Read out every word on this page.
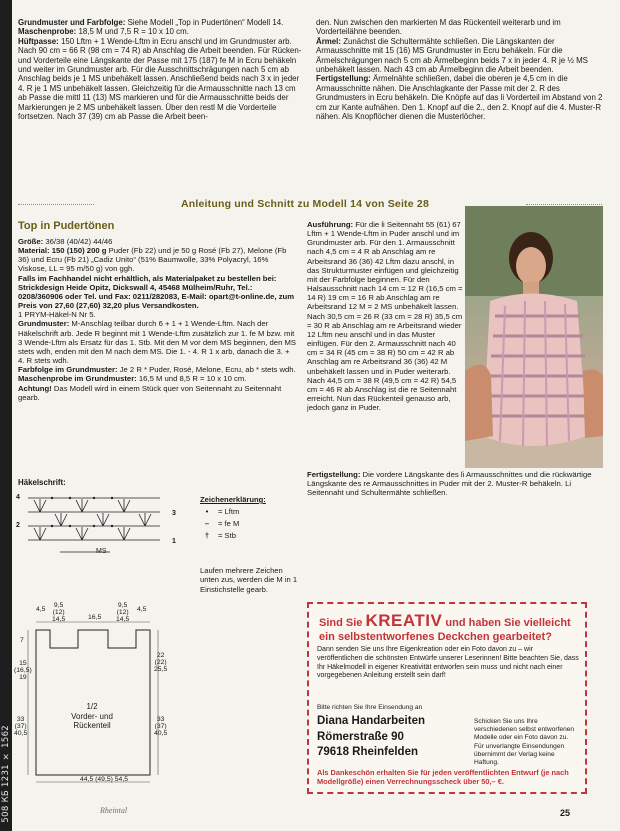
508 КБ 1231 × 1562

Grundmuster und Farbfolge: Siehe Modell „Top in Pudertönen“ Modell 14.

Maschenprobe: 18,5 M und 7,5 R = 10 x 10 cm.

Hüftpasse: 150 Lftm + 1 Wende-Lftm in Ecru anschl und im Grundmuster arb. Nach 90 cm = 66 R (98 cm = 74 R) ab Anschlag die Arbeit beenden. Für Rücken- und Vorderteile eine Längskante der Passe mit 175 (187) fe M in Ecru behäkeln und weiter im Grundmuster arb. Für die Ausschnittschrägungen nach 5 cm ab Anschlag beids je 1 MS unbehäkelt lassen. Anschließend beids nach 3 x in jeder 4. R je 1 MS unbehäkelt lassen. Gleichzeitig für die Armausschnitte nach 13 cm ab Passe die mittl 11 (13) MS markieren und für die Armausschnitte beids der Markierungen je 2 MS unbehäkelt lassen. Über den restl M die Vorderteile fortsetzen. Nach 37 (39) cm ab Passe die Arbeit been-

den. Nun zwischen den markierten M das Rückenteil weiterarb und im Vorderteilähne beenden.

Ärmel: Zunächst die Schultermähte schließen. Die Längskanten der Armausschnitte mit 15 (16) MS Grundmuster in Ecru behäkeln. Für die Ärmelschrägungen nach 5 cm ab Ärmelbeginn beids 7 x in jeder 4. R je ½ MS unbehäkelt lassen. Nach 43 cm ab Ärmelbeginn die Arbeit beenden.

Fertigstellung: Ärmelnähte schließen, dabei die oberen je 4,5 cm in die Armausschnitte nähen. Die Anschlagkante der Passe mit der 2. R des Grundmusters in Ecru behäkeln. Die Knöpfe auf das li Vorderteil im Abstand von 2 cm zur Kante aufnähen. Den 1. Knopf auf die 2., den 2. Knopf auf die 4. Muster-R nähen. Als Knopflöcher dienen die Musterlöcher.

Anleitung und Schnitt zu Modell 14 von Seite 28
Top in Pudertönen

Größe: 36/38 (40/42) 44/46

Material: 150 (150) 200 g Puder (Fb 22) und je 50 g Rosé (Fb 27), Melone (Fb 36) und Ecru (Fb 21) „Cadiz Unito“ (51% Baumwolle, 33% Polyacryl, 16% Viskose, LL = 95 m/50 g) von ggh.

Falls im Fachhandel nicht erhältlich, als Materialpaket zu bestellen bei: Strickdesign Heide Opitz, Dickswall 4, 45468 Mülheim/Ruhr, Tel.: 0208/360906 oder Tel. und Fax: 0211/282083, E-Mail: opart@t-online.de, zum Preis von 27,60 (27,60) 32,20 plus Versandkosten.

1 PRYM-Häkel-N Nr 5.

Grundmuster: M-Anschlag teilbar durch 6 + 1 + 1 Wende-Lftm. Nach der Häkelschrift arb. Jede R beginnt mit 1 Wende-Lftm zusätzlich zur 1. fe M bzw. mit 3 Wende-Lftm als Ersatz für das 1. Stb. Mit den M vor dem MS beginnen, den MS stets wdh, enden mit den M nach dem MS. Die 1. - 4. R 1 x arb, danach die 3. + 4. R stets wdh.

Farbfolge im Grundmuster: Je 2 R * Puder, Rosé, Melone, Ecru, ab * stets wdh.

Maschenprobe im Grundmuster: 16,5 M und 8,5 R = 10 x 10 cm.

Achtung! Das Modell wird in einem Stück quer von Seitennaht zu Seitennaht gearb.

Ausführung: Für die li Seitennaht 55 (61) 67 Lftm + 1 Wende-Lftm in Puder anschl und im Grundmuster arb. Für den 1. Armausschnitt nach 4,5 cm = 4 R ab Anschlag am re Arbeitsrand 36 (36) 42 Lftm dazu anschl, in das Strukturmuster einfügen und gleichzeitig mit der Farbfolge beginnen. Für den Halsausschnitt nach 14 cm = 12 R (16,5 cm = 14 R) 19 cm = 16 R ab Anschlag am re Arbeitsrand 12 M = 2 MS unbehäkelt lassen. Nach 30,5 cm = 26 R (33 cm = 28 R) 35,5 cm = 30 R ab Anschlag am re Arbeitsrand wieder 12 Lftm neu anschl und in das Muster einfügen. Für den 2. Armausschnitt nach 40 cm = 34 R (45 cm = 38 R) 50 cm = 42 R ab Anschlag am re Arbeitsrand 36 (36) 42 M unbehäkelt lassen und in Puder weiterarb. Nach 44,5 cm = 38 R (49,5 cm = 42 R) 54,5 cm = 46 R ab Anschlag ist die re Seitennaht erreicht. Nun das Rückenteil genauso arb, jedoch ganz in Puder.

Fertigstellung: Die vordere Längskante des li Armausschnittes und die rückwärtige Längskante des re Armausschnittes in Puder mit der 2. Muster-R behäkeln. Li Seitennaht und Schultermähte schließen.

Häkelschrift:
4
2
3
1
MS
Zeichenerklärung:
•	= Lftm
–	= fe M
†	= Stb
Laufen mehrere Zeichen unten zus, werden die M in 1 Einstichstelle gearb.
4,5
9,5
(12)
14,5	16,5
9,5
(12)
14,5
4,5
7
15
(16,5)
19
33
(37)
40,5
22
(22)
25,5
33
(37)
40,5
44,5 (49,5) 54,5
1/2
Vorder- und
Rückenteil
Sind Sie KREATIV und haben Sie vielleicht ein selbstentworfenes Deckchen gearbeitet?
Dann senden Sie uns Ihre Eigenkreation oder ein Foto davon zu – wir veröffentlichen die schönsten Entwürfe unserer Leserinnen! Bitte beachten Sie, dass Ihr Häkelmodell in eigener Kreativität entworfen sein muss und nicht nach einer vorgegebenen Anleitung erstellt sein darf!
Bitte richten Sie Ihre Einsendung an
Diana Handarbeiten
Römerstraße 90
79618 Rheinfelden
Schicken Sie uns Ihre verschiedenen selbst entworfenen Modelle oder ein Foto davon zu. Für unverlangte Einsendungen übernimmt der Verlag keine Haftung.
Als Dankeschön erhalten Sie für jeden veröffentlichten Entwurf (je nach Modellgröße) einen Verrechnungsscheck über 50,– €.
Rheintal	25
